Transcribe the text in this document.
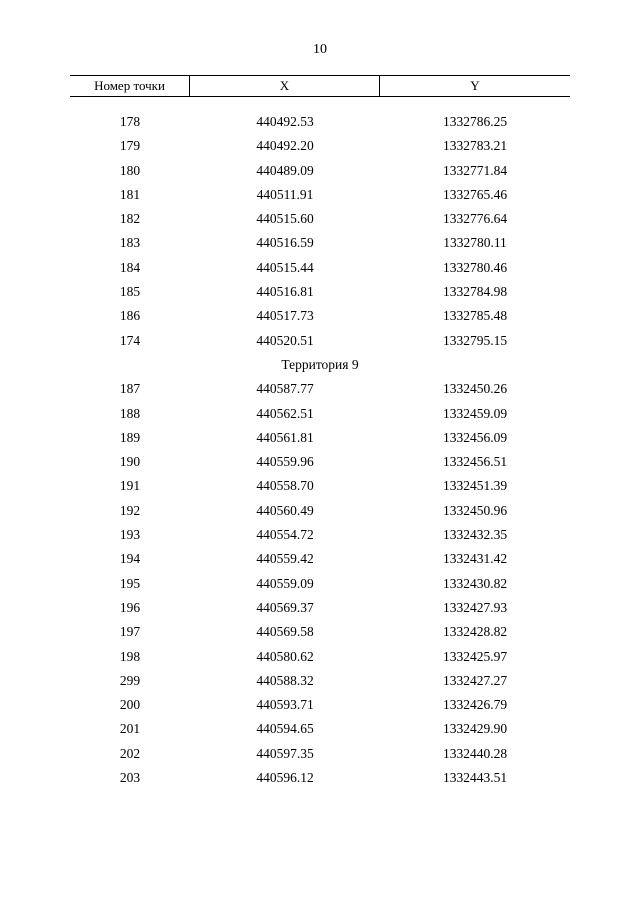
10
Номер точки	X	Y
178	440492.53	1332786.25
179	440492.20	1332783.21
180	440489.09	1332771.84
181	440511.91	1332765.46
182	440515.60	1332776.64
183	440516.59	1332780.11
184	440515.44	1332780.46
185	440516.81	1332784.98
186	440517.73	1332785.48
174	440520.51	1332795.15
Территория 9
187	440587.77	1332450.26
188	440562.51	1332459.09
189	440561.81	1332456.09
190	440559.96	1332456.51
191	440558.70	1332451.39
192	440560.49	1332450.96
193	440554.72	1332432.35
194	440559.42	1332431.42
195	440559.09	1332430.82
196	440569.37	1332427.93
197	440569.58	1332428.82
198	440580.62	1332425.97
299	440588.32	1332427.27
200	440593.71	1332426.79
201	440594.65	1332429.90
202	440597.35	1332440.28
203	440596.12	1332443.51
